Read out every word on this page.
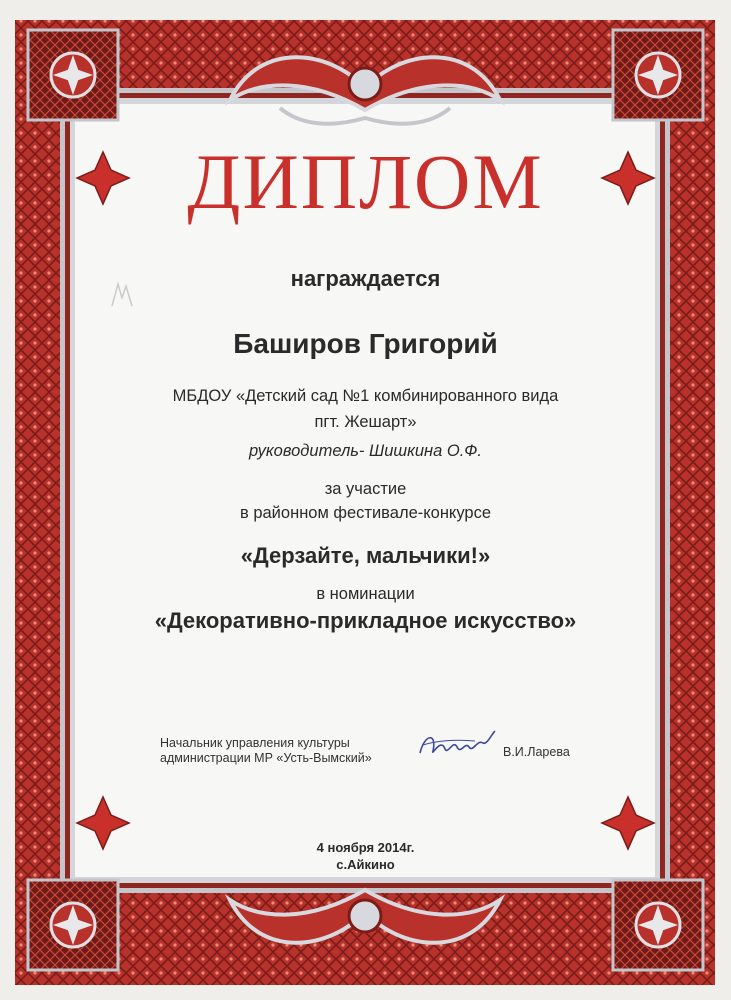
ДИПЛОМ
награждается
Баширов Григорий
МБДОУ «Детский сад №1 комбинированного вида
пгт. Жешарт»
руководитель- Шишкина О.Ф.
за участие
в районном фестивале-конкурсе
«Дерзайте, мальчики!»
в номинации
«Декоративно-прикладное искусство»
Начальник управления культуры
администрации МР «Усть-Вымский»	В.И.Ларева
4 ноября 2014г.
с.Айкино
